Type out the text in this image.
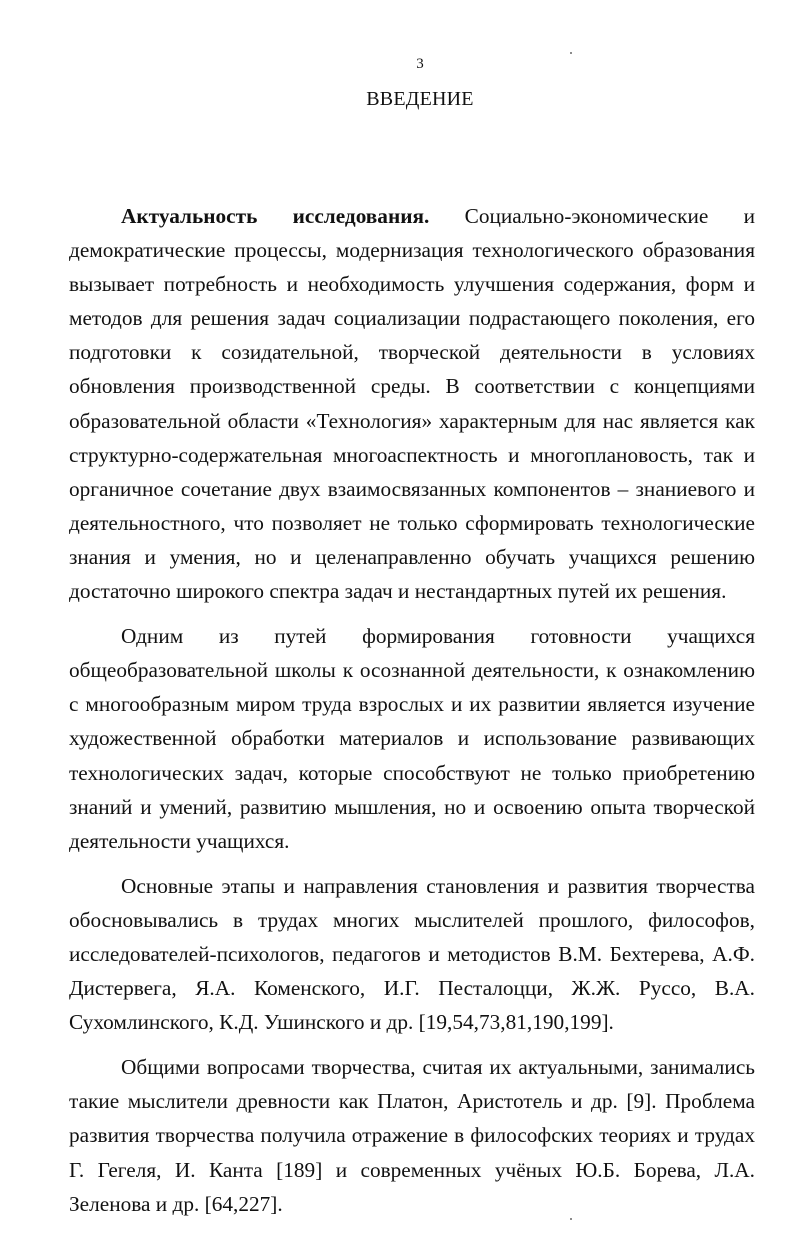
3
ВВЕДЕНИЕ

Актуальность исследования. Социально-экономические и демократические процессы, модернизация технологического образования вызывает потребность и необходимость улучшения содержания, форм и методов для решения задач социализации подрастающего поколения, его подготовки к созидательной, творческой деятельности в условиях обновления производственной среды. В соответствии с концепциями образовательной области «Технология» характерным для нас является как структурно-содержательная многоаспектность и многоплановость, так и органичное сочетание двух взаимосвязанных компонентов – знаниевого и деятельностного, что позволяет не только сформировать технологические знания и умения, но и целенаправленно обучать учащихся решению достаточно широкого спектра задач и нестандартных путей их решения.

Одним из путей формирования готовности учащихся общеобразовательной школы к осознанной деятельности, к ознакомлению с многообразным миром труда взрослых и их развитии является изучение художественной обработки материалов и использование развивающих технологических задач, которые способствуют не только приобретению знаний и умений, развитию мышления, но и освоению опыта творческой деятельности учащихся.

Основные этапы и направления становления и развития творчества обосновывались в трудах многих мыслителей прошлого, философов, исследователей-психологов, педагогов и методистов В.М. Бехтерева, А.Ф. Дистервега, Я.А. Коменского, И.Г. Песталоцци, Ж.Ж. Руссо, В.А. Сухомлинского, К.Д. Ушинского и др. [19,54,73,81,190,199].

Общими вопросами творчества, считая их актуальными, занимались такие мыслители древности как Платон, Аристотель и др. [9]. Проблема развития творчества получила отражение в философских теориях и трудах Г. Гегеля, И. Канта [189] и современных учёных Ю.Б. Борева, Л.А. Зеленова и др. [64,227].
